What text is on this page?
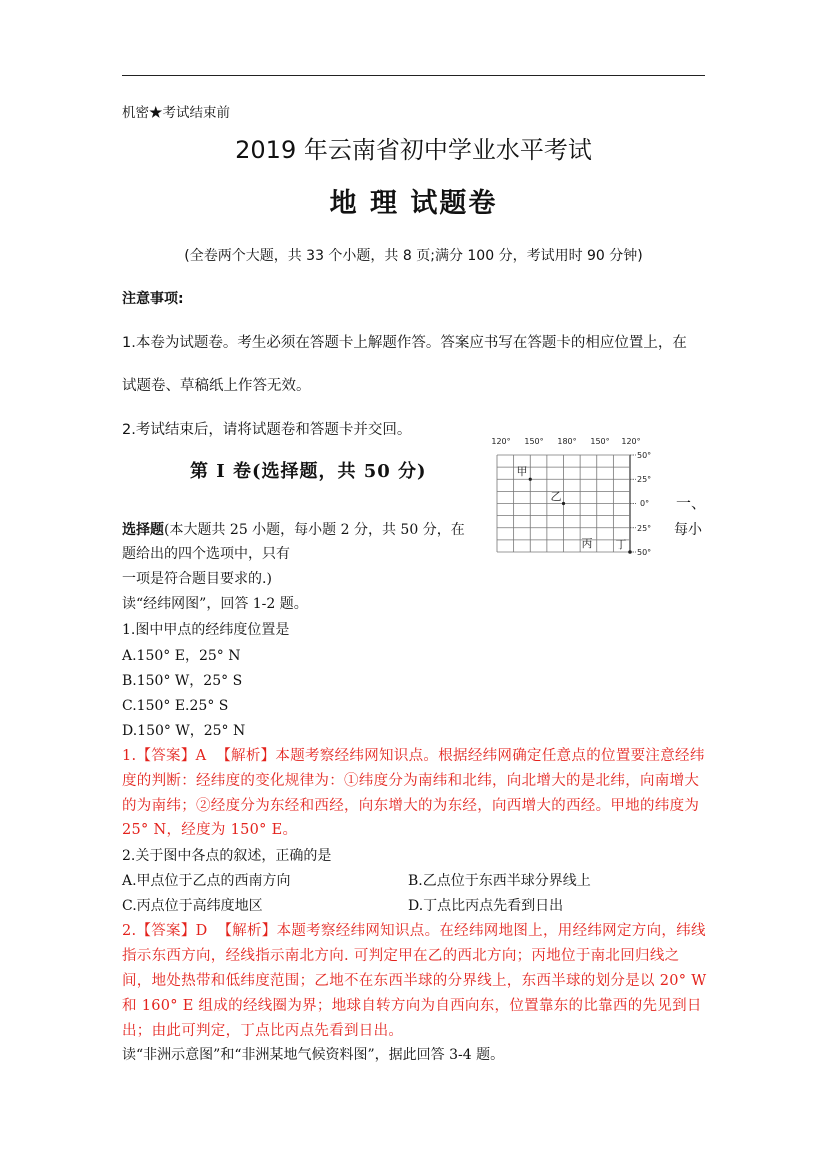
机密★考试结束前
2019 年云南省初中学业水平考试
地 理 试题卷
(全卷两个大题，共 33 个小题，共 8 页;满分 100 分，考试用时 90 分钟)
注意事项:
1.本卷为试题卷。考生必须在答题卡上解题作答。答案应书写在答题卡的相应位置上，在
试题卷、草稿纸上作答无效。
2.考试结束后，请将试题卷和答题卡并交回。
120° 150° 180° 150° 120°
50°
25°
0°
25°
50°
甲
乙
丙 丁
第 I 卷(选择题，共 50 分)
一、
选择题(本大题共 25 小题，每小题 2 分，共 50 分，在	每小
题给出的四个选项中，只有
一项是符合题目要求的.)
读“经纬网图”，回答 1-2 题。
1.图中甲点的经纬度位置是
A.150° E，25° N
B.150° W，25° S
C.150° E.25° S
D.150° W，25° N
1.【答案】A  【解析】本题考察经纬网知识点。根据经纬网确定任意点的位置要注意经纬
度的判断：经纬度的变化规律为：①纬度分为南纬和北纬，向北增大的是北纬，向南增大
的为南纬；②经度分为东经和西经，向东增大的为东经，向西增大的西经。甲地的纬度为
25° N，经度为 150° E。
2.关于图中各点的叙述，正确的是
A.甲点位于乙点的西南方向	B.乙点位于东西半球分界线上
C.丙点位于高纬度地区	D.丁点比丙点先看到日出
2.【答案】D  【解析】本题考察经纬网知识点。在经纬网地图上，用经纬网定方向，纬线
指示东西方向，经线指示南北方向. 可判定甲在乙的西北方向；丙地位于南北回归线之
间，地处热带和低纬度范围；乙地不在东西半球的分界线上，东西半球的划分是以 20° W
和 160° E 组成的经线圈为界；地球自转方向为自西向东，位置靠东的比靠西的先见到日
出；由此可判定，丁点比丙点先看到日出。
读“非洲示意图”和“非洲某地气候资料图”，据此回答 3-4 题。
